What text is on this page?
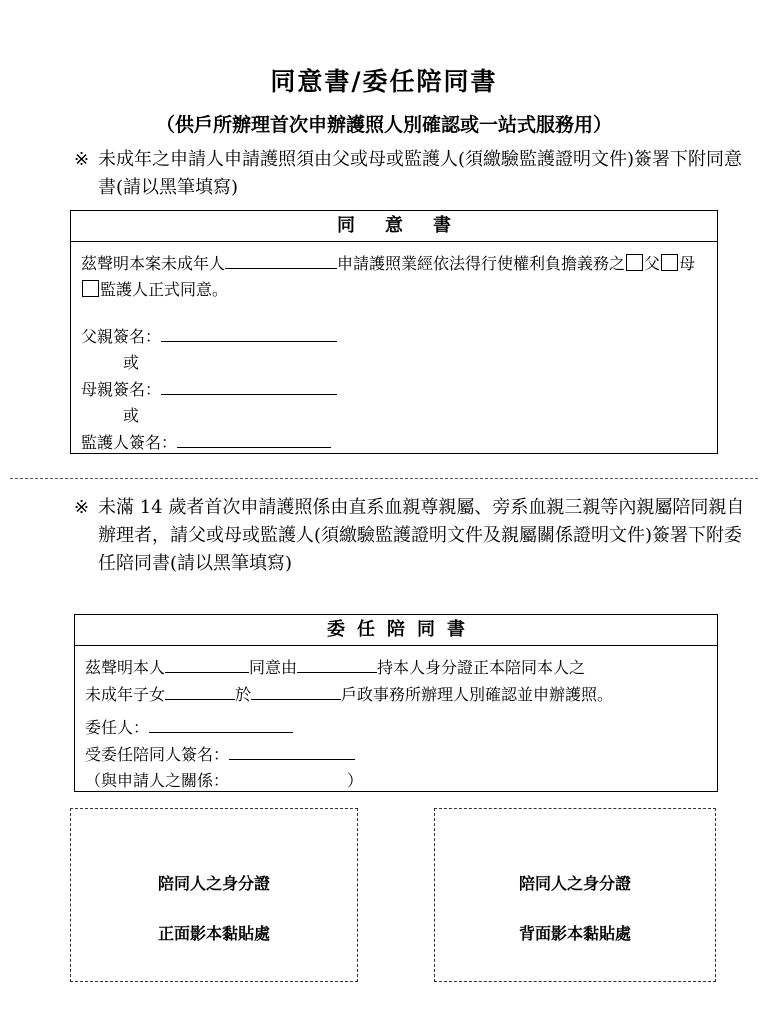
同意書/委任陪同書
（供戶所辦理首次申辦護照人別確認或一站式服務用）
※ 未成年之申請人申請護照須由父或母或監護人(須繳驗監護證明文件)簽署下附同意書(請以黑筆填寫)
同意書
茲聲明本案未成年人	申請護照業經依法得行使權利負擔義務之 父 母監護人正式同意。
父親簽名：
或
母親簽名：
或
監護人簽名：
※ 未滿 14 歲者首次申請護照係由直系血親尊親屬、旁系血親三親等內親屬陪同親自辦理者，請父或母或監護人(須繳驗監護證明文件及親屬關係證明文件)簽署下附委任陪同書(請以黑筆填寫)
委任陪同書
茲聲明本人	同意由	持本人身分證正本陪同本人之
未成年子女	於	戶政事務所辦理人別確認並申辦護照。
委任人：
受委任陪同人簽名：
（與申請人之關係：	）
陪同人之身分證
正面影本黏貼處
陪同人之身分證
背面影本黏貼處
